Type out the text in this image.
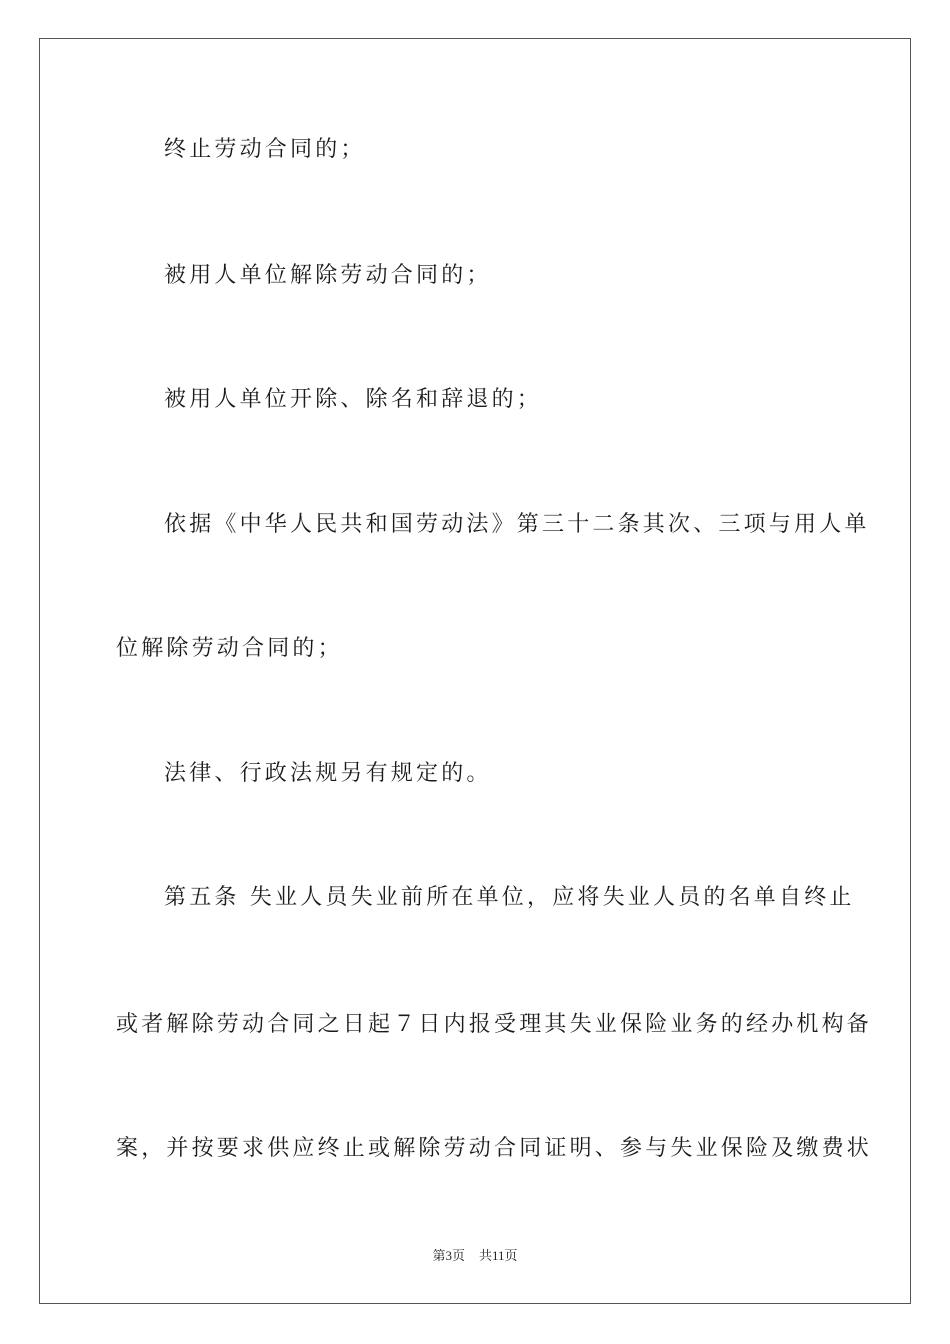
终止劳动合同的；
被用人单位解除劳动合同的；
被用人单位开除、除名和辞退的；
依据《中华人民共和国劳动法》第三十二条其次、三项与用人单
位解除劳动合同的；
法律、行政法规另有规定的。
第五条 失业人员失业前所在单位，应将失业人员的名单自终止
或者解除劳动合同之日起７日内报受理其失业保险业务的经办机构备
案，并按要求供应终止或解除劳动合同证明、参与失业保险及缴费状
第3页 共11页
